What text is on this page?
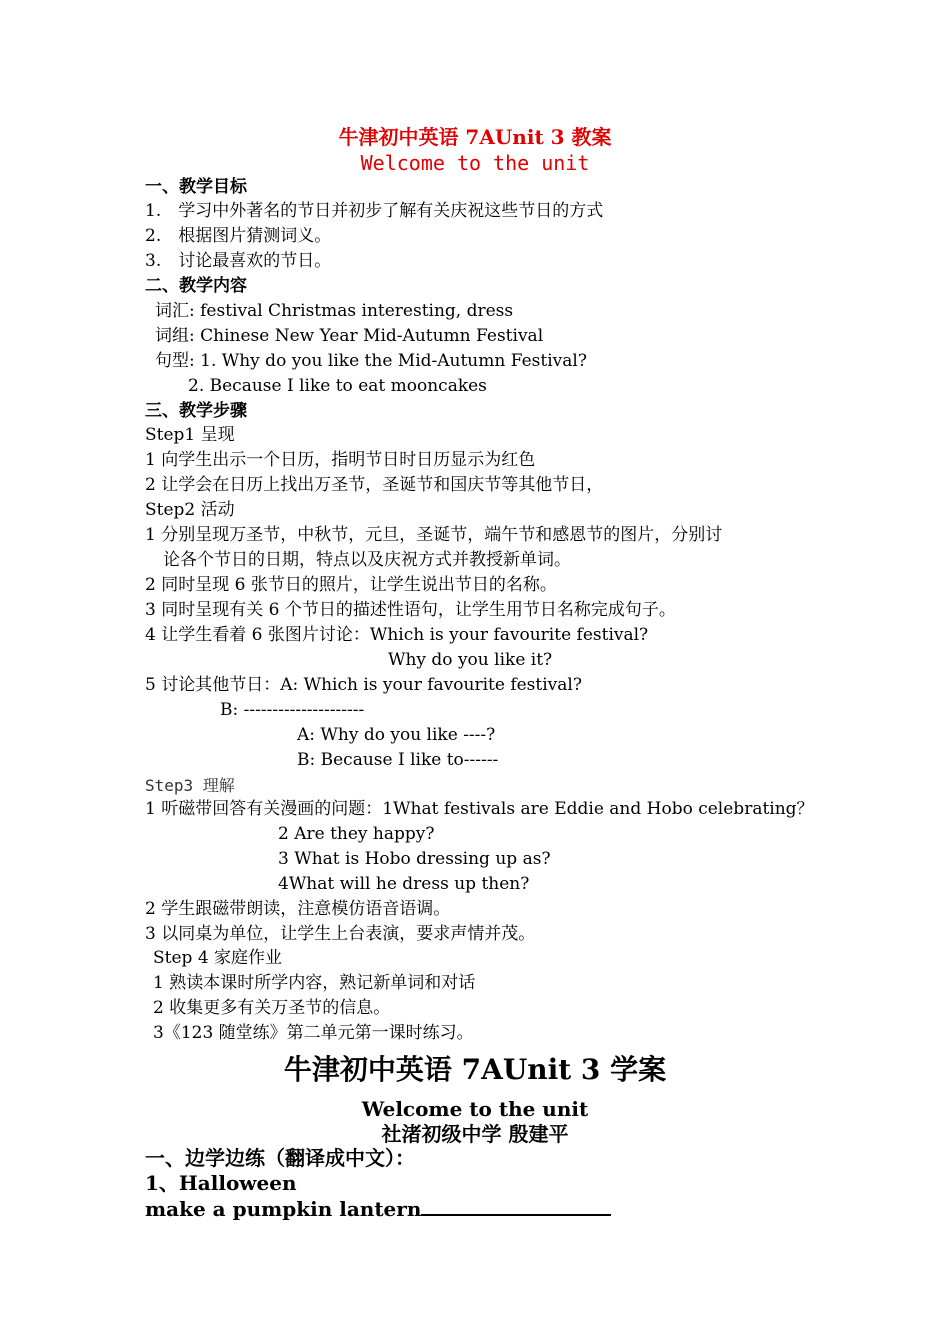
牛津初中英语 7AUnit 3 教案
Welcome to the unit
一、教学目标
1.　学习中外著名的节日并初步了解有关庆祝这些节日的方式
2.　根据图片猜测词义。
3.　讨论最喜欢的节日。
二、教学内容
词汇: festival Christmas interesting, dress
词组: Chinese New Year Mid-Autumn Festival
句型: 1. Why do you like the Mid-Autumn Festival?
2. Because I like to eat mooncakes
三、教学步骤
Step1 呈现
1 向学生出示一个日历，指明节日时日历显示为红色
2 让学会在日历上找出万圣节，圣诞节和国庆节等其他节日，
Step2 活动
1 分别呈现万圣节，中秋节，元旦，圣诞节，端午节和感恩节的图片，分别讨
论各个节日的日期，特点以及庆祝方式并教授新单词。
2 同时呈现 6 张节日的照片，让学生说出节日的名称。
3 同时呈现有关 6 个节日的描述性语句，让学生用节日名称完成句子。
4 让学生看着 6 张图片讨论：Which is your favourite festival?
Why do you like it?
5 讨论其他节日：A: Which is your favourite festival?
B: ---------------------
A: Why do you like ----?
B: Because I like to------
Step3 理解
1 听磁带回答有关漫画的问题：1What festivals are Eddie and Hobo celebrating？
2 Are they happy?
3 What is Hobo dressing up as?
4What will he dress up then?
2 学生跟磁带朗读，注意模仿语音语调。
3 以同桌为单位，让学生上台表演，要求声情并茂。
Step 4 家庭作业
1 熟读本课时所学内容，熟记新单词和对话
2 收集更多有关万圣节的信息。
3《123 随堂练》第二单元第一课时练习。
牛津初中英语 7AUnit 3 学案
Welcome to the unit
社渚初级中学 殷建平
一、边学边练（翻译成中文）：
1、Halloween
make a pumpkin lantern
